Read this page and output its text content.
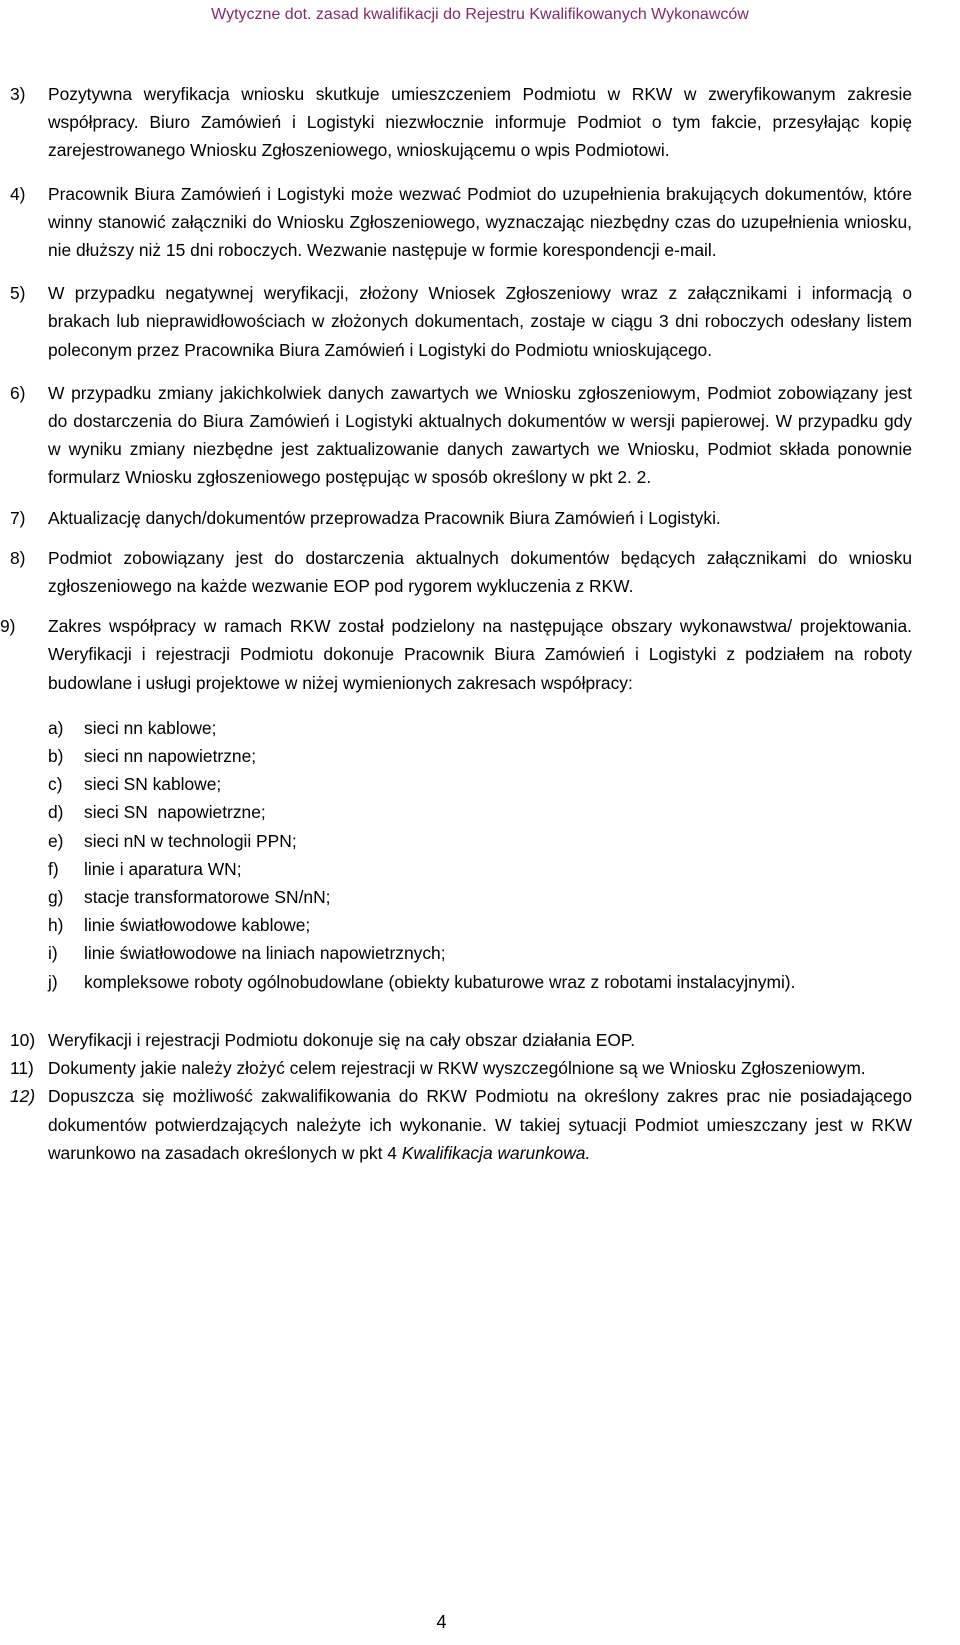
Wytyczne dot. zasad kwalifikacji do Rejestru Kwalifikowanych Wykonawców
3)	Pozytywna weryfikacja wniosku skutkuje umieszczeniem Podmiotu w RKW w zweryfikowanym zakresie współpracy. Biuro Zamówień i Logistyki niezwłocznie informuje Podmiot o tym fakcie, przesyłając kopię zarejestrowanego Wniosku Zgłoszeniowego, wnioskującemu o wpis Podmiotowi.
4)	Pracownik Biura Zamówień i Logistyki może wezwać Podmiot do uzupełnienia brakujących dokumentów, które winny stanowić załączniki do Wniosku Zgłoszeniowego, wyznaczając niezbędny czas do uzupełnienia wniosku, nie dłuższy niż 15 dni roboczych. Wezwanie następuje w formie korespondencji e-mail.
5)	W przypadku negatywnej weryfikacji, złożony Wniosek Zgłoszeniowy wraz z załącznikami i informacją o brakach lub nieprawidłowościach w złożonych dokumentach, zostaje w ciągu 3 dni roboczych odesłany listem poleconym przez Pracownika Biura Zamówień i Logistyki do Podmiotu wnioskującego.
6)	W przypadku zmiany jakichkolwiek danych zawartych we Wniosku zgłoszeniowym, Podmiot zobowiązany jest do dostarczenia do Biura Zamówień i Logistyki aktualnych dokumentów w wersji papierowej. W przypadku gdy w wyniku zmiany niezbędne jest zaktualizowanie danych zawartych we Wniosku, Podmiot składa ponownie formularz Wniosku zgłoszeniowego postępując w sposób określony w pkt 2. 2.
7)	Aktualizację danych/dokumentów przeprowadza Pracownik Biura Zamówień i Logistyki.
8)	Podmiot zobowiązany jest do dostarczenia aktualnych dokumentów będących załącznikami do wniosku zgłoszeniowego na każde wezwanie EOP pod rygorem wykluczenia z RKW.
9)	Zakres współpracy w ramach RKW został podzielony na następujące obszary wykonawstwa/ projektowania. Weryfikacji i rejestracji Podmiotu dokonuje Pracownik Biura Zamówień i Logistyki z podziałem na roboty budowlane i usługi projektowe w niżej wymienionych zakresach współpracy:
a)	sieci nn kablowe;
b)	sieci nn napowietrzne;
c)	sieci SN kablowe;
d)	sieci SN  napowietrzne;
e)	sieci nN w technologii PPN;
f)	linie i aparatura WN;
g)	stacje transformatorowe SN/nN;
h)	linie światłowodowe kablowe;
i)	linie światłowodowe na liniach napowietrznych;
j)	kompleksowe roboty ogólnobudowlane (obiekty kubaturowe wraz z robotami instalacyjnymi).
10) Weryfikacji i rejestracji Podmiotu dokonuje się na cały obszar działania EOP.
11) Dokumenty jakie należy złożyć celem rejestracji w RKW wyszczególnione są we Wniosku Zgłoszeniowym.
12) Dopuszcza się możliwość zakwalifikowania do RKW Podmiotu na określony zakres prac nie posiadającego dokumentów potwierdzających należyte ich wykonanie. W takiej sytuacji Podmiot umieszczany jest w RKW warunkowo na zasadach określonych w pkt 4 Kwalifikacja warunkowa.
4
